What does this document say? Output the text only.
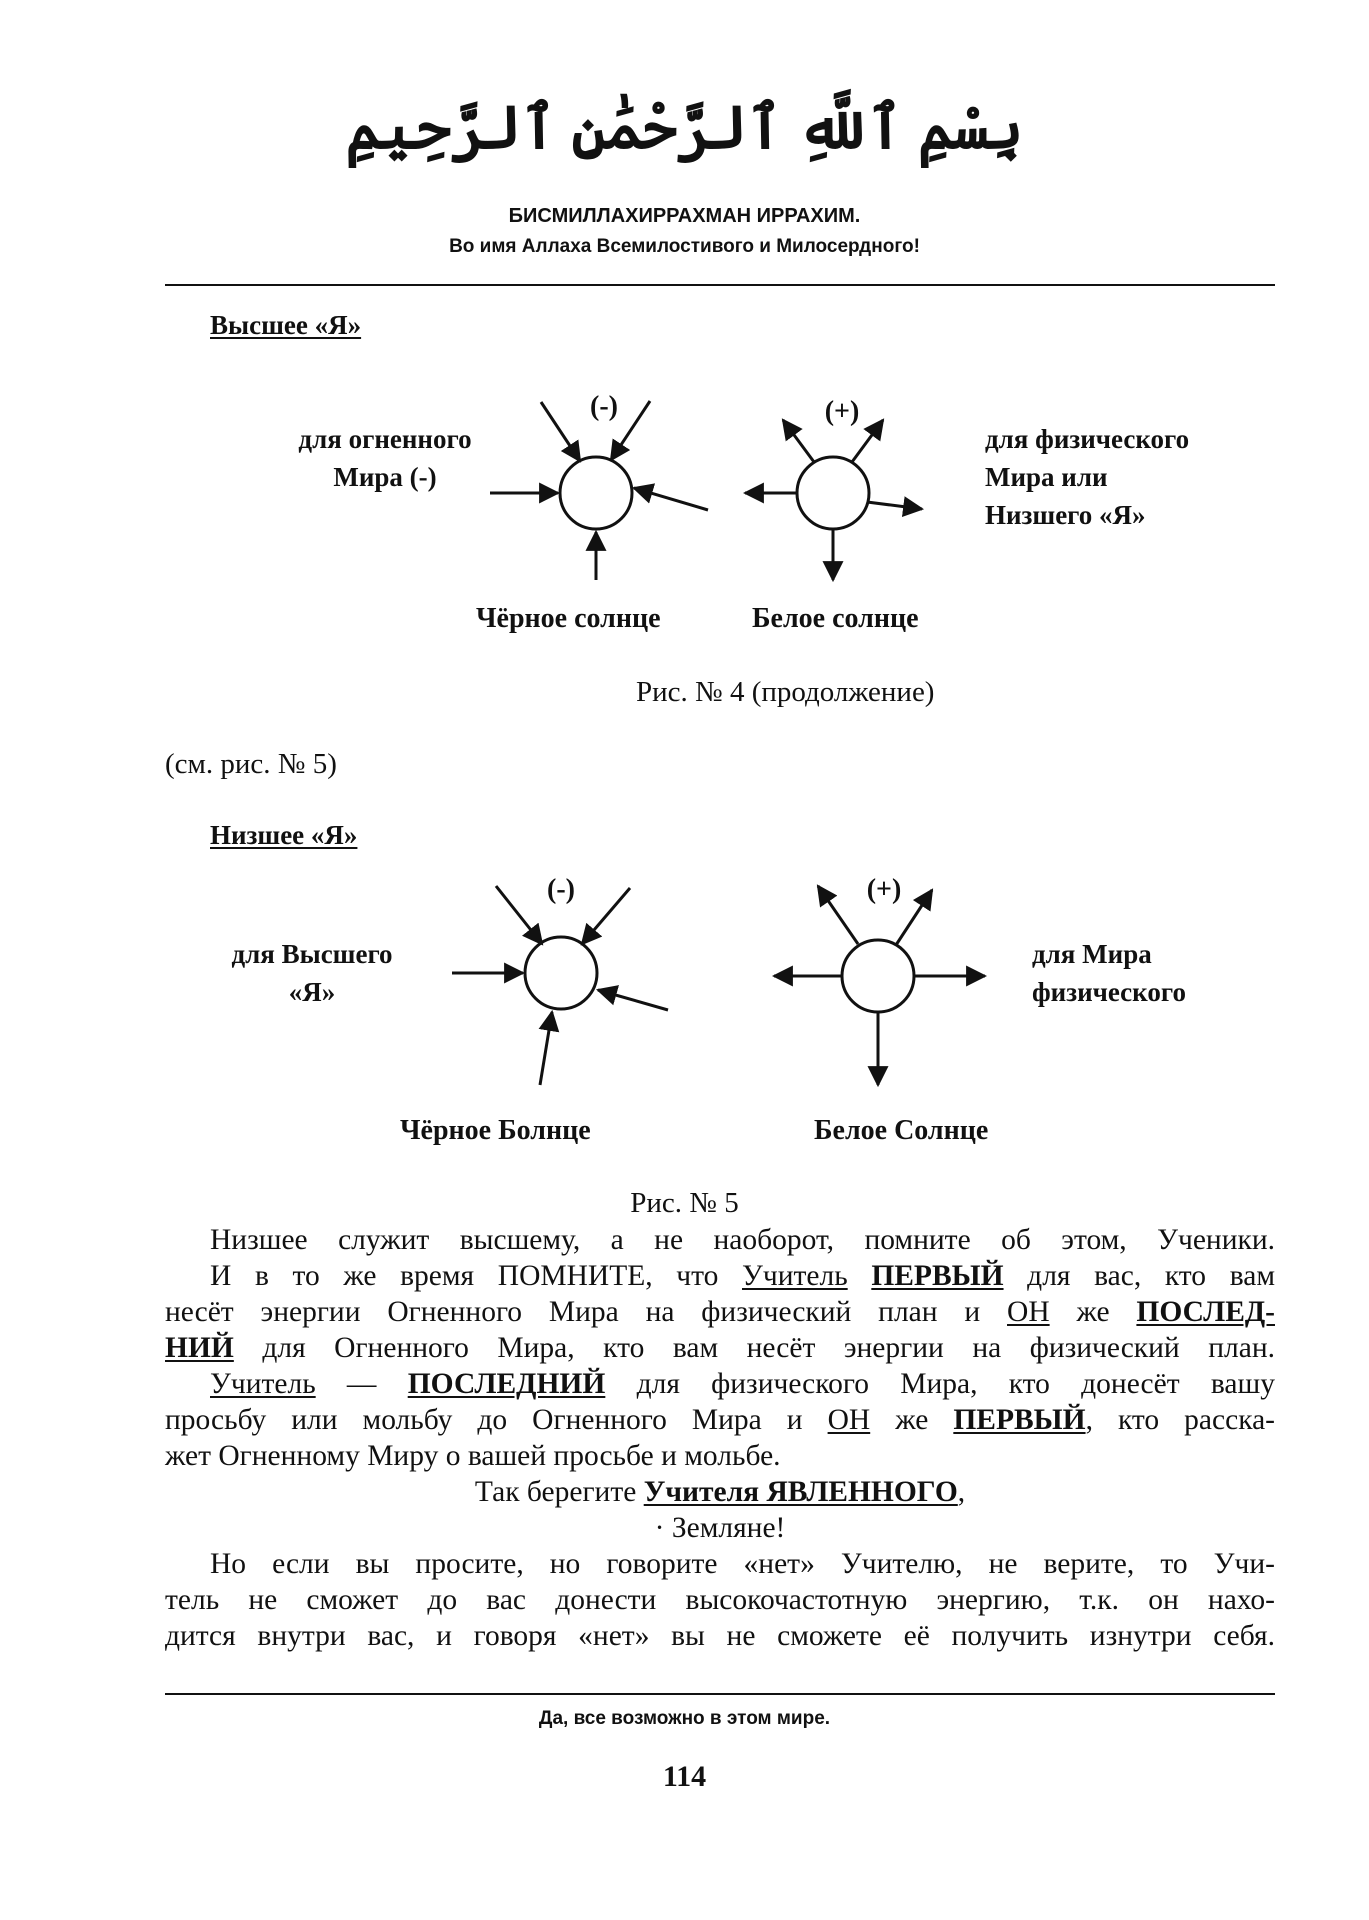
بِسْمِ ٱللَّهِ ٱلرَّحْمَٰنِ ٱلرَّحِيمِ
БИСМИЛЛАХИРРАХМАН ИРРАХИМ.
Во имя Аллаха Всемилостивого и Милосердного!
Высшее «Я»
(-)	(+)
для огненного
Мира (-)
для физического
Мира или
Низшего «Я»
Чёрное солнце	Белое солнце
Рис. № 4 (продолжение)
(см. рис. № 5)
Низшее «Я»
(-)	(+)
для Высшего
«Я»
для Мира
физического
Чёрное Болнце	Белое Солнце
Рис. № 5

Низшее служит высшему, а не наоборот, помните об этом, Ученики.

И в то же время ПОМНИТЕ, что Учитель ПЕРВЫЙ для вас, кто вам

несёт энергии Огненного Мира на физический план и ОН же ПОСЛЕД-

НИЙ для Огненного Мира, кто вам несёт энергии на физический план.

Учитель — ПОСЛЕДНИЙ для физического Мира, кто донесёт вашу

просьбу или мольбу до Огненного Мира и ОН же ПЕРВЫЙ, кто расска-

жет Огненному Миру о вашей просьбе и мольбе.

Так берегите Учителя ЯВЛЕННОГО,

· Земляне!

Но если вы просите, но говорите «нет» Учителю, не верите, то Учи-

тель не сможет до вас донести высокочастотную энергию, т.к. он нахо-

дится внутри вас, и говоря «нет» вы не сможете её получить изнутри себя.

Да, все возможно в этом мире.
114
